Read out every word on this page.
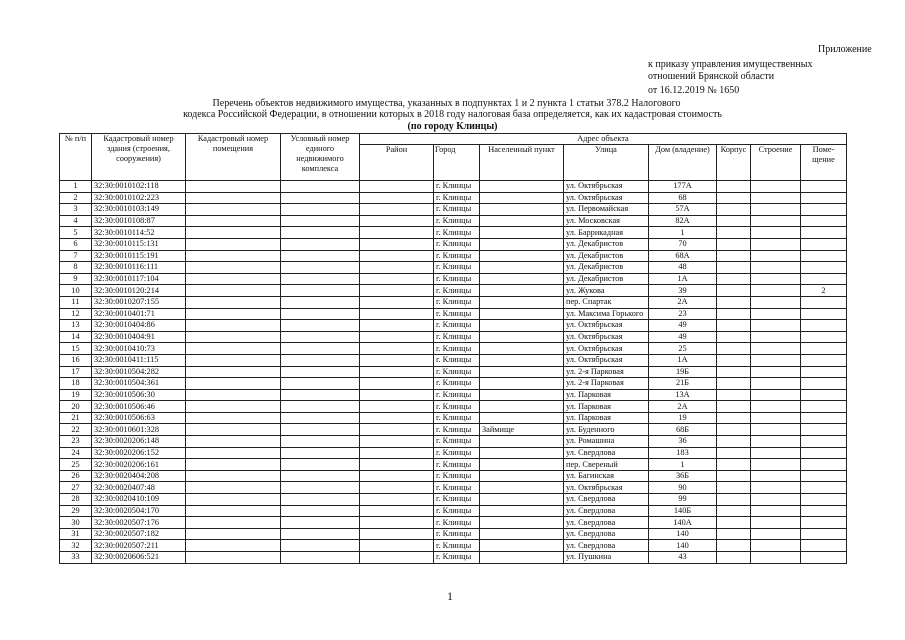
Приложение
к приказу управления имущественных
отношений Брянской области
от 16.12.2019 № 1650
Перечень объектов недвижимого имущества, указанных в подпунктах 1 и 2 пункта 1 статьи 378.2 Налогового
кодекса Российской Федерации, в отношении которых в 2018 году налоговая база определяется, как их кадастровая стоимость
(по городу Клинцы)
№ п/п	Кадастровый номер здания (строения, сооружения)	Кадастровый номер помещения	Условный номер единого недвижимого комплекса	Адрес объекта							
				Район	Город	Населенный пункт	Улица	Дом (владение)	Корпус	Строение	Поме-щение
1	32:30:0010102:118				г. Клинцы		ул. Октябрьская	177А			
2	32:30:0010102:223				г. Клинцы		ул. Октябрьская	68			
3	32:30:0010103:149				г. Клинцы		ул. Первомайская	57А			
4	32:30:0010108:87				г. Клинцы		ул. Московская	82А			
5	32:30:0010114:52				г. Клинцы		ул. Баррикадная	1			
6	32:30:0010115:131				г. Клинцы		ул. Декабристов	70			
7	32:30:0010115:191				г. Клинцы		ул. Декабристов	68А			
8	32:30:0010116:111				г. Клинцы		ул. Декабристов	48			
9	32:30:0010117:104				г. Клинцы		ул. Декабристов	1А			
10	32:30:0010120:214				г. Клинцы		ул. Жукова	39			2
11	32:30:0010207:155				г. Клинцы		пер. Спартак	2А			
12	32:30:0010401:71				г. Клинцы		ул. Максима Горького	23			
13	32:30:0010404:86				г. Клинцы		ул. Октябрьская	49			
14	32:30:0010404:91				г. Клинцы		ул. Октябрьская	49			
15	32:30:0010410:73				г. Клинцы		ул. Октябрьская	25			
16	32:30:0010411:115				г. Клинцы		ул. Октябрьская	1А			
17	32:30:0010504:282				г. Клинцы		ул. 2-я Парковая	19Б			
18	32:30:0010504:361				г. Клинцы		ул. 2-я Парковая	21Б			
19	32:30:0010506:30				г. Клинцы		ул. Парковая	13А			
20	32:30:0010506:46				г. Клинцы		ул. Парковая	2А			
21	32:30:0010506:63				г. Клинцы		ул. Парковая	19			
22	32:30:0010601:328				г. Клинцы	Займище	ул. Буденного	68Б			
23	32:30:0020206:148				г. Клинцы		ул. Ромашина	36			
24	32:30:0020206:152				г. Клинцы		ул. Свердлова	183			
25	32:30:0020206:161				г. Клинцы		пер. Свереный	1			
26	32:30:0020404:208				г. Клинцы		ул. Багинская	36Б			
27	32:30:0020407:48				г. Клинцы		ул. Октябрьская	90			
28	32:30:0020410:109				г. Клинцы		ул. Свердлова	99			
29	32:30:0020504:170				г. Клинцы		ул. Свердлова	140Б			
30	32:30:0020507:176				г. Клинцы		ул. Свердлова	140А			
31	32:30:0020507:182				г. Клинцы		ул. Свердлова	140			
32	32:30:0020507:211				г. Клинцы		ул. Свердлова	140			
33	32:30:0020606:521				г. Клинцы		ул. Пушкина	43			
1
